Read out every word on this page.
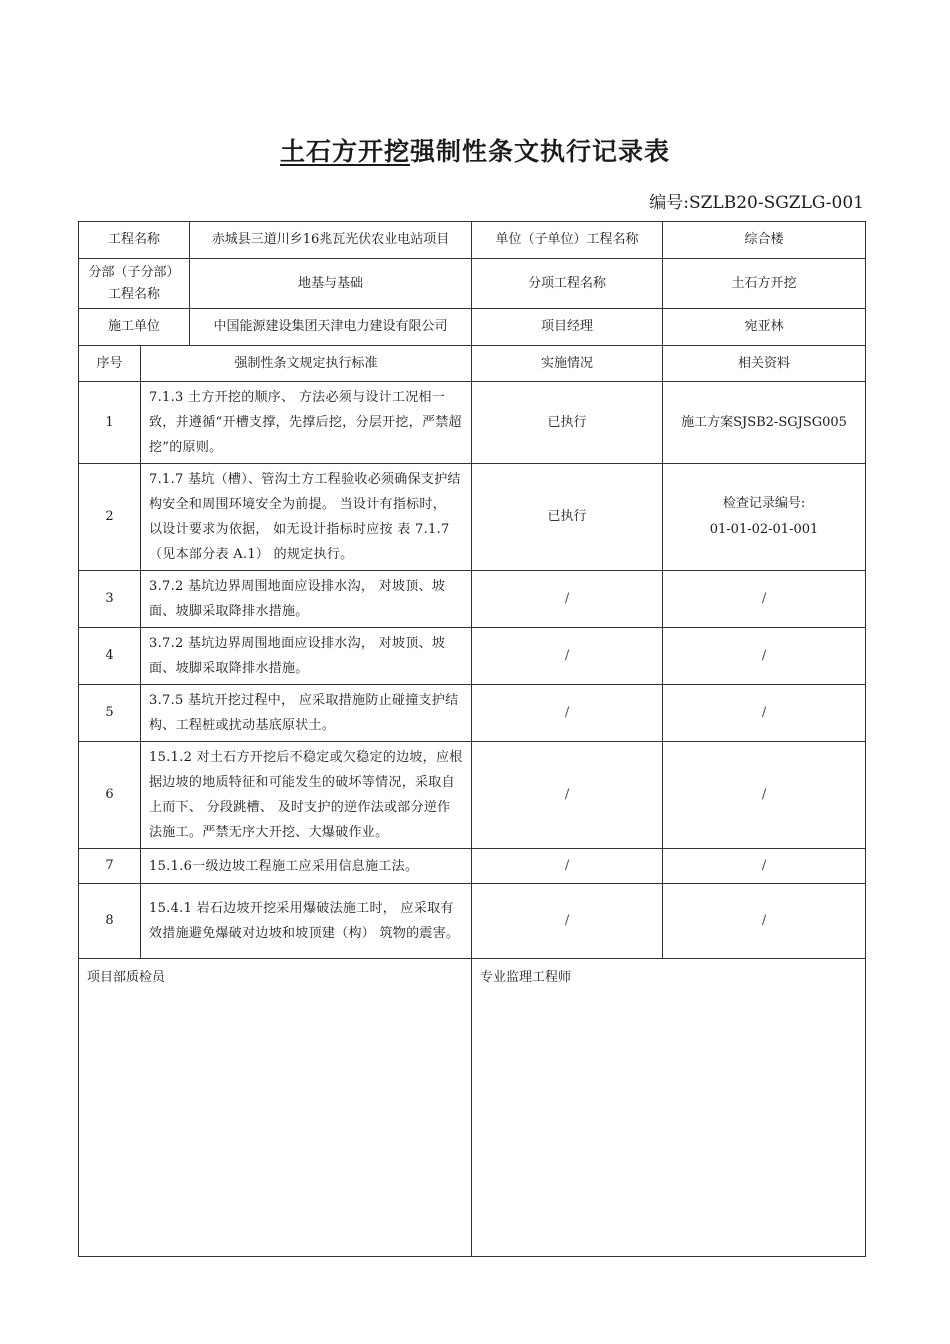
土石方开挖强制性条文执行记录表
编号:SZLB20-SGZLG-001
工程名称		赤城县三道川乡16兆瓦光伏农业电站项目	单位（子单位）工程名称	综合楼
分部（子分部）
工程名称		地基与基础	分项工程名称	土石方开挖
施工单位		中国能源建设集团天津电力建设有限公司	项目经理	宛亚林
序号	强制性条文规定执行标准		实施情况	相关资料
1	7.1.3 土方开挖的顺序、 方法必须与设计工况相一致，并遵循“开槽支撑，先撑后挖，分层开挖，严禁超挖”的原则。		已执行	施工方案SJSB2-SGJSG005
2	7.1.7 基坑（槽）、管沟土方工程验收必须确保支护结构安全和周围环境安全为前提。 当设计有指标时， 以设计要求为依据， 如无设计指标时应按 表 7.1.7（见本部分表 A.1） 的规定执行。		已执行	检查记录编号:
01-01-02-01-001
3	3.7.2 基坑边界周围地面应设排水沟， 对坡顶、坡面、坡脚采取降排水措施。		/	/
4	3.7.2 基坑边界周围地面应设排水沟， 对坡顶、坡面、坡脚采取降排水措施。		/	/
5	3.7.5 基坑开挖过程中， 应采取措施防止碰撞支护结构、工程桩或扰动基底原状土。		/	/
6	15.1.2 对土石方开挖后不稳定或欠稳定的边坡，应根据边坡的地质特征和可能发生的破坏等情况，采取自上而下、 分段跳槽、 及时支护的逆作法或部分逆作法施工。严禁无序大开挖、大爆破作业。		/	/
7	15.1.6一级边坡工程施工应采用信息施工法。		/	/
8	15.4.1 岩石边坡开挖采用爆破法施工时， 应采取有效措施避免爆破对边坡和坡顶建（构） 筑物的震害。		/	/
项目部质检员			专业监理工程师	
